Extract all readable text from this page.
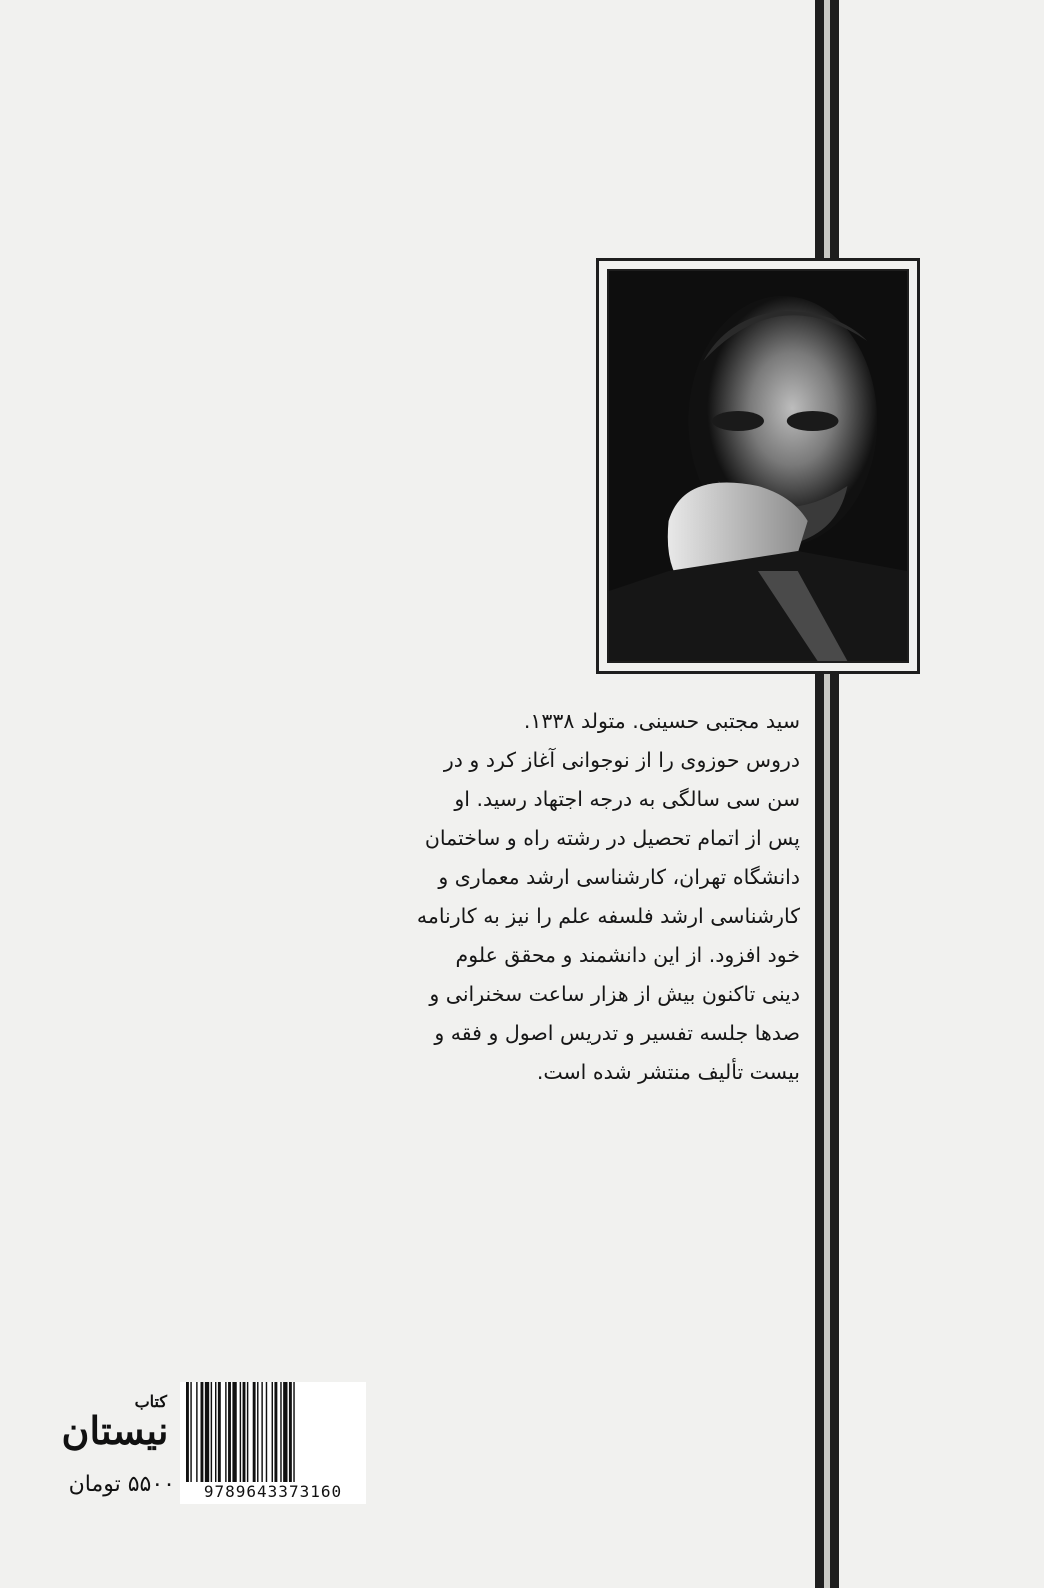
سید مجتبی حسینی. متولد ۱۳۳۸.
دروس حوزوی را از نوجوانی آغاز کرد و در
سن سی سالگی به درجه اجتهاد رسید. او
پس از اتمام تحصیل در رشته راه و ساختمان
دانشگاه تهران، کارشناسی ارشد معماری و
کارشناسی ارشد فلسفه علم را نیز به کارنامه
خود افزود. از این دانشمند و محقق علوم
دینی تاکنون بیش از هزار ساعت سخنرانی و
صدها جلسه تفسیر و تدریس اصول و فقه و
بیست تألیف منتشر شده است.
کتاب
نیستان
۵۵۰۰ تومان	9789643373160
